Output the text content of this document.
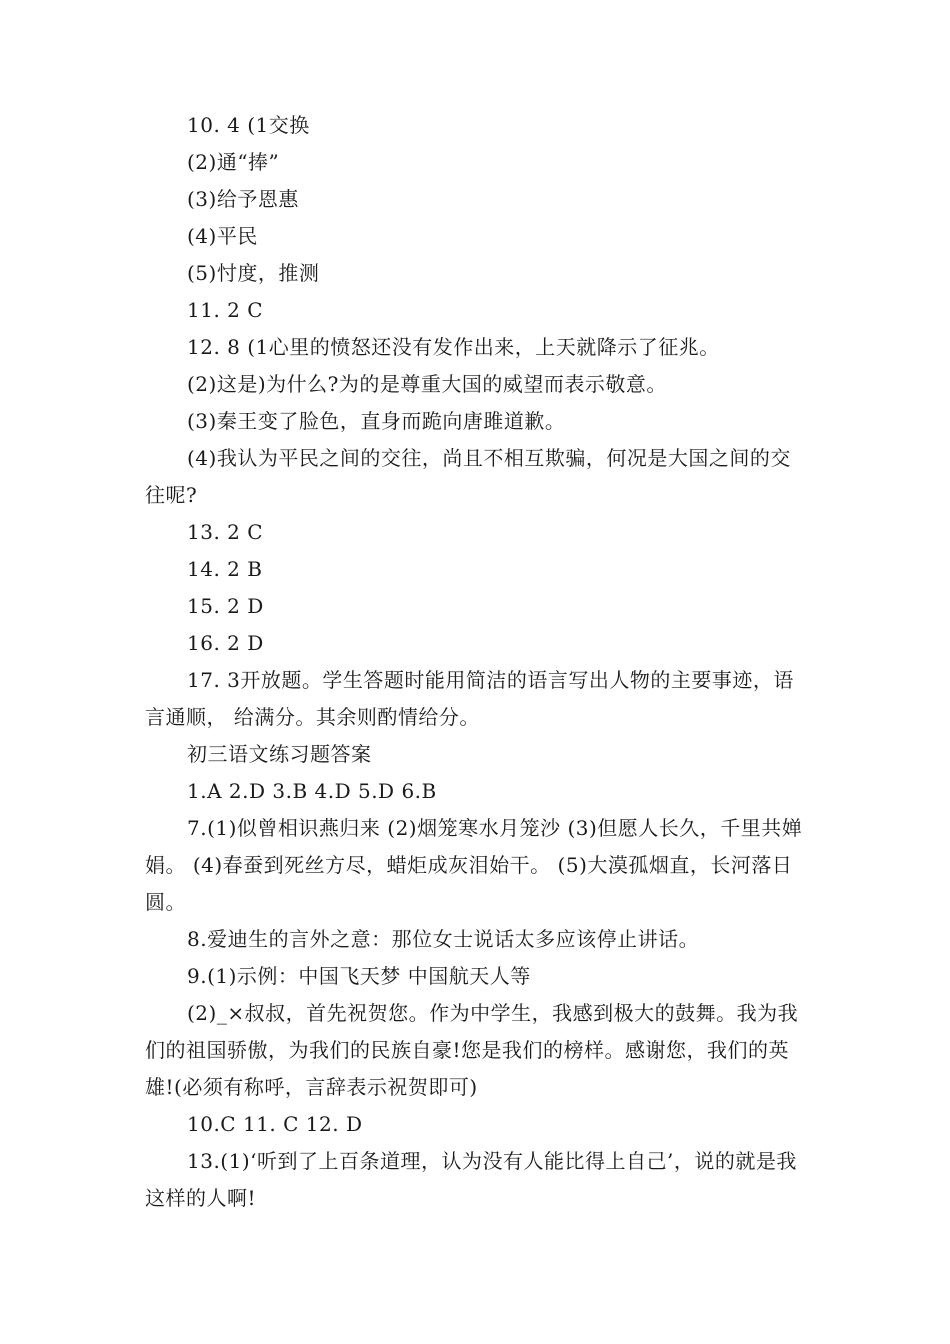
10. 4 (1交换

(2)通“捧”

(3)给予恩惠

(4)平民

(5)忖度，推测

11. 2 C

12. 8 (1心里的愤怒还没有发作出来，上天就降示了征兆。

(2)这是)为什么?为的是尊重大国的威望而表示敬意。

(3)秦王变了脸色，直身而跪向唐雎道歉。

(4)我认为平民之间的交往，尚且不相互欺骗，何况是大国之间的交往呢?

13. 2 C

14. 2 B

15. 2 D

16. 2 D

17. 3开放题。学生答题时能用简洁的语言写出人物的主要事迹，语言通顺， 给满分。其余则酌情给分。

初三语文练习题答案

1.A 2.D 3.B 4.D 5.D 6.B

7.(1)似曾相识燕归来 (2)烟笼寒水月笼沙 (3)但愿人长久，千里共婵娟。 (4)春蚕到死丝方尽，蜡炬成灰泪始干。 (5)大漠孤烟直，长河落日圆。

8.爱迪生的言外之意：那位女士说话太多应该停止讲话。

9.(1)示例：中国飞天梦 中国航天人等

(2)_×叔叔，首先祝贺您。作为中学生，我感到极大的鼓舞。我为我们的祖国骄傲，为我们的民族自豪!您是我们的榜样。感谢您，我们的英雄!(必须有称呼，言辞表示祝贺即可)

10.C 11. C 12. D

13.(1)‘听到了上百条道理，认为没有人能比得上自己’，说的就是我这样的人啊!
